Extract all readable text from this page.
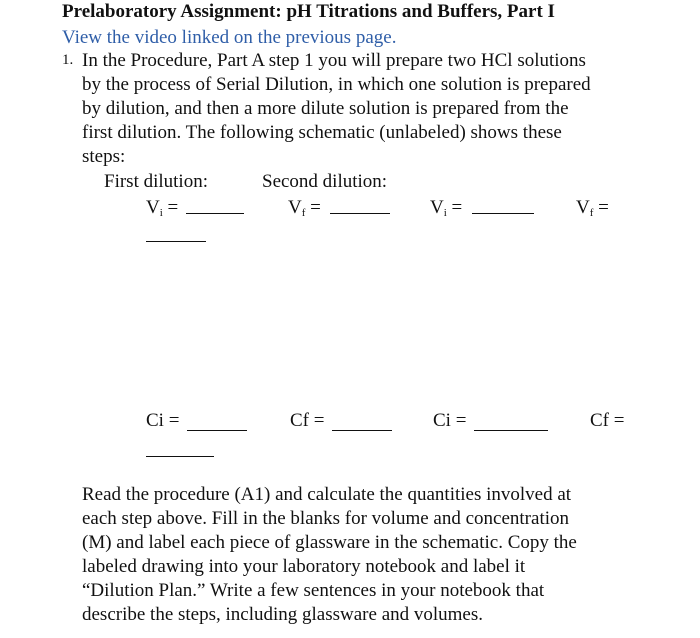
Prelaboratory Assignment: pH Titrations and Buffers, Part I
View the video linked on the previous page.
1. In the Procedure, Part A step 1 you will prepare two HCl solutions
by the process of Serial Dilution, in which one solution is prepared
by dilution, and then a more dilute solution is prepared from the
first dilution. The following schematic (unlabeled) shows these
steps:
First dilution:	Second dilution:
$V_i$ =	$V_f$ =	$V_i$ =	$V_f$ =
Ci =	Cf =	Ci =	Cf =
Read the procedure (A1) and calculate the quantities involved at
each step above. Fill in the blanks for volume and concentration
(M) and label each piece of glassware in the schematic. Copy the
labeled drawing into your laboratory notebook and label it
“Dilution Plan.” Write a few sentences in your notebook that
describe the steps, including glassware and volumes.
